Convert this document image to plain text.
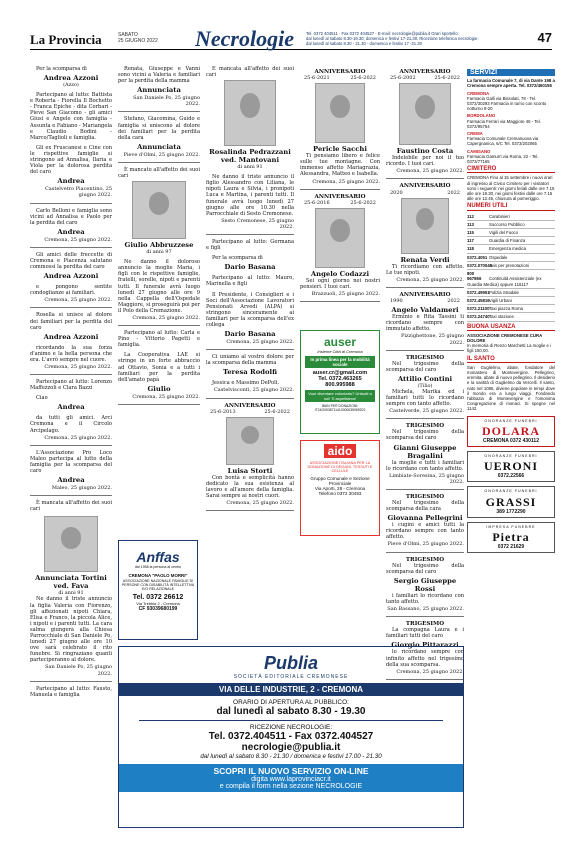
La Provincia	SABATO
25 GIUGNO 2022 Necrologie	Tel. 0372 404511 · Fax 0372 404527 · E-mail: necrologie@publia.it Orari sportello:
dal lunedì al sabato 8.30-19.30; domenica e festivi 17-21.30. Ricezione telefonica necrologie:
dal lunedì al sabato 8.30 - 21.30 - domenica e festivi 17 -21.30	47

Per la scomparsa di

Andrea Azzoni
(Azzo)

Partecipano al lutto: Battista e Roberta - Fiorella Il Bochetto - Franca Epiche - dita Corbari - Pieve San Giacomo - gli amici Giusi e Angelo con famiglia - Assunta e Fabiano - Mariangela e Claudio Bodini - Marco/Taglioli e famiglia.

Gli ex Fruscanesi e Cine con le rispettive famiglie si stringono ad Annalisa, Ilaria e Viola per la dolorosa perdita del caro

Andrea
Castelvetro Piacentino, 25 giugno 2022.

Carlo Belloni e famiglia sono vicini ad Annalisa e Paolo per la perdita del caro

Andrea
Cremona, 25 giugno 2022.

Gli amici delle freccette di Cremona e Piacenza salutano commossi la perdita del caro

Andrea Azzoni

e pongono sentite condoglianze ai familiari.

Cremona, 25 giugno 2022.

Rosella si unisce al dolore dei familiari per la perdita del caro

Andrea Azzoni

ricordando la sua forza d'animo e la bella persona che era. L'avrò sempre nel cuore.

Cremona, 25 giugno 2022.

Partecipano al lutto: Lorenzo Maffezzoli e Clara Bazzi

Ciao

Andrea

da tutti gli amici. Arci Cremona e il Circolo Arcipelago.

Cremona, 25 giugno 2022.

L'Associazione Pro Loco Maleo partecipa al lutto della famiglia per la scomparsa del caro

Andrea
Maleo, 25 giugno 2022.

È mancata all'affetto dei suoi cari

Annunciata Tortini ved. Fava
di anni 91

Ne danno il triste annuncio la figlia Valeria con Fiorenzo, gli affezionati nipoti Chiara, Elisa e Franco, la piccola Alice, i nipoti e i parenti tutti. La cara salma giungerà alla Chiesa Parrocchiale di San Daniele Po, lunedì 27 giugno alle ore 10 ove sarà celebrato il rito funebre. Si ringraziano quanti parteciperanno al dolore.

San Daniele Po, 25 giugno 2022.

Partecipano al lutto: Fausto, Manuela e famiglia

Renata, Giuseppe e Vanni sono vicini a Valeria e familiari per la perdita della mamma

Annunciata
San Daniele Po, 25 giugno 2022.

Stefano, Giacomina, Guido e famiglia si uniscono al dolore dei familiari per la perdita della cara

Annunciata
Pieve d'Olmi, 25 giugno 2022.

È mancato all'affetto dei suoi cari

Giulio Abbruzzese
di anni 97

Ne danno il doloroso annuncio la moglie Maria, i figli con le rispettive famiglie, fratelli, sorelle, nipoti e parenti tutti. Il funerale avrà luogo lunedì 27 giugno alle ore 9 nella Cappella dell'Ospedale Maggiore, si proseguirà poi per il Polo della Cremazione.

Cremona, 25 giugno 2022.

Partecipano al lutto: Carla e Pino - Vittorio Pagetti e famiglia.

La Cooperativa LAE si stringe in un forte abbraccio ad Ottavio, Sonia e a tutti i familiari per la perdita dell'amato papà

Giulio
Cremona, 25 giugno 2022.

È mancata all'affetto dei suoi cari

Rosalinda Pedrazzani ved. Mantovani
di anni 91

Ne danno il triste annuncio il figlio Alessandro con Liliana, le nipoti Laura e Silvia, i pronipoti Luca e Martina, i parenti tutti. Il funerale avrà luogo lunedì 27 giugno alle ore 10.30 nella Parrocchiale di Sesto Cremonese.

Sesto Cremonese, 25 giugno 2022.

Partecipano al lutto: Germana e figli

Per la scomparsa di

Dario Basana

Partecipano al lutto: Mauro, Marinella e figli

Il Presidente, i Consiglieri e i Soci dell'Associazione Lavoratori Pensionati Arvedi (ALPA) si stringono sinceramente ai familiari per la scomparsa dell'ex collega

Dario Basana
Cremona, 25 giugno 2022.

Ci uniamo al vostro dolore per la scomparsa della mamma

Teresa Rodolfi

Jessica e Massimo DePoli.

Castelvisconti, 25 giugno 2022.
ANNIVERSARIO
25-6-2013	25-6-2022
Luisa Storti

Con bontà e semplicità hanno dedicato la sua esistenza al lavoro e all'amore della famiglia. Sarai sempre ai nostri cuori.

Cremona, 25 giugno 2022.
ANNIVERSARIO
25-6-2021	25-6-2022
Pericle Sacchi

Ti pensiamo libero e felice sulle tue montagne. Con immenso affetto Mariagrazia, Alessandra, Matteo e Isabella.

Cremona, 25 giugno 2022.
ANNIVERSARIO
25-6-2016	25-6-2022
Angelo Codazzi

Sei ogni giorno nei nostri pensieri. I tuoi cari.

Brazzuoli, 25 giugno 2022.
ANNIVERSARIO
25-6-2002	25-6-2022
Faustino Costa

Indelebile per noi il tuo ricordo. I tuoi cari.

Cremona, 25 giugno 2022.
ANNIVERSARIO
2020	2022
Renata Verdi

Ti ricordiamo con affetto. Le tue nipoti.

Cremona, 25 giugno 2022.
ANNIVERSARIO
1990	2022
Angelo Valdameri

Erminio e Rita Tassini ti ricordano sempre con immutato affetto.

Pizzighettone, 25 giugno 2022.
TRIGESIMO

Nel trigesimo della scomparsa del caro

Attilio Contini
(Tilio)

Michela, Marika ed i familiari tutti lo ricordano sempre con tanto affetto.

Castelverde, 25 giugno 2022.
TRIGESIMO

Nel trigesimo della scomparsa del caro

Gianni Giuseppe Bragalini

la moglie e tutti i familiari lo ricordano con tanto affetto.

Limbiate-Soresina, 25 giugno 2022.
TRIGESIMO

Nel trigesimo della scomparsa della cara

Giovanna Pellegrini

i cugini e amici tutti la ricordano sempre con tanto affetto.

Pieve d'Olmi, 25 giugno 2022.
TRIGESIMO

Nel trigesimo della scomparsa del caro

Sergio Giuseppe Rossi

i familiari lo ricordano con tanto affetto.

San Bassano, 25 giugno 2022.
TRIGESIMO

La compagna Laura e i familiari tutti del caro

Giorgio Pittarazzi

lo ricordano sempre con infinito affetto nel trigesimo della sua scomparsa.

Cremona, 25 giugno 2022.
Anffas
dal 1958 la persona al centro
CREMONA "PAOLO MORRI"
ASSOCIAZIONE NAZIONALE FAMIGLIE DI PERSONE CON DISABILITÀ INTELLETTIVA E/O RELAZIONALE
Tel. 0372 26612
Via Trebbia 2 - Cremona
CF 93039680199
auser
Insieme Città di Cremona
In prima linea per la mobilità sociale
auser.cr@gmail.com
Tel. 0372.463265
800.995988
Vuoi diventare volontario? Unisciti a noi! Ti aspettiamo!
IBAN PER DONAZIONI: IT24O0538711410000035069202
aido
ASSOCIAZIONE ITALIANA PER LA DONAZIONE DI ORGANI, TESSUTI E CELLULE
Gruppo Comunale e Sezione Provinciale
Via Aporti, 28 - Cremona
Telefono 0372 30493
Publia
SOCIETÀ EDITORIALE CREMONESE
VIA DELLE INDUSTRIE, 2 - CREMONA
ORARIO DI APERTURA AL PUBBLICO:
dal lunedì al sabato 8.30 - 19.30
RICEZIONE NECROLOGIE:
Tel. 0372.404511 - Fax 0372.404527
necrologie@publia.it
dal lunedì al sabato 8.30 - 21.30 / domenica e festivi 17.00 - 21.30
SCOPRI IL NUOVO SERVIZIO ON-LINE
digita www.laprovinciacr.it
e compila il form nella sezione NECROLOGIE
SERVIZI
La farmacia Comunale 7, di via Dante 198 a Cremona sempre aperta. Tel. 0372/460155
CREMONA
Farmacia Galli via Bissolati, 78 - Tel. 0372/30293 Farmacia in turno con sconto notturno 8-20
BORDOLANO
Farmacia Ferrari via Maggiore 46 - Tel. 0372/95754
CREMA
Farmacia Comunale Cremanuova via Capergnanica, 6/C Tel. 0373/202065
CAMISANO
Farmacia Gamurri via Roma, 22 - Tel. 0373/77165
CIMITERO
CREMONA Fino al 15 settembre i nuovi orari di ingresso al Civico Cimitero per i visitatori sono i seguenti: nei giorni feriali dalle ore 7.15 alle ore 18.30, nei giorni festivi dalle ore 7.15 alle ore 12.45, chiusura al pomeriggio.
NUMERI UTILI
112	Carabinieri
113	Soccorso Pubblico
115	Vigili del Fuoco
117	Guardia di Finanza
118	Emergenza medica
0372.4051 Ospedale
0372.070040Avis per prenotazioni
800 567866 Continuità Assistenziale (ex Guardia Medica) oppure 116117
0372.49951Polizia Stradale
0372.45816Vigili Urbani
0372.21100Taxi piazza Roma
0372.24740Taxi stazione
BUONA USANZA
ASSOCIAZIONE CREMONESE CURA DOLORE
In memoria di Renzo Marchetti La moglie e i figli 150,00.
IL SANTO
San Guglielmo, abate, fondatore del monastero di Montevergine. Pellegrino, eremita, abate di nuovo pellegrino. Il desiderio e la santità di Guglielmo da Vercelli. Il santo, nato nel 1085, diviene popolare in tempi dove il mondo era a lungo viaggi. Fondando l'abbazia di Montevergine e l'omonima Congregazione di monaci. Si spegne nel 1142.
ONORANZE FUNEBRI
DOLARA
CREMONA 0372 430112
ONORANZE FUNEBRI
UERONI
0372.22566
ONORANZE FUNEBRI
GRASSI
389 1772290
IMPRESA FUNEBRE
Pietra
0372 21629
